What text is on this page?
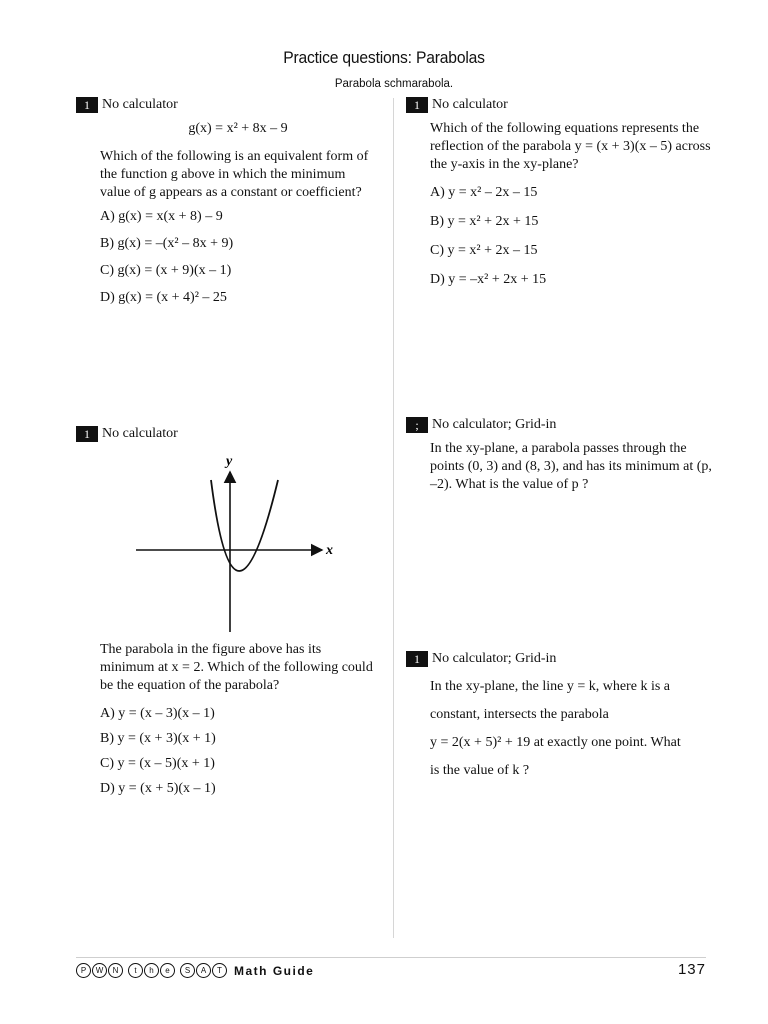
Practice questions: Parabolas
Parabola schmarabola.
1 No calculator
g(x) = x² + 8x – 9

Which of the following is an equivalent form of the function g above in which the minimum value of g appears as a constant or coefficient?

A) g(x) = x(x + 8) – 9
B) g(x) = –(x² – 8x + 9)
C) g(x) = (x + 9)(x – 1)
D) g(x) = (x + 4)² – 25
1 No calculator

Which of the following equations represents the reflection of the parabola y = (x + 3)(x – 5) across the y-axis in the xy-plane?

A) y = x² – 2x – 15
B) y = x² + 2x + 15
C) y = x² + 2x – 15
D) y = –x² + 2x + 15
1 No calculator
x
y

The parabola in the figure above has its minimum at x = 2. Which of the following could be the equation of the parabola?

A) y = (x – 3)(x – 1)
B) y = (x + 3)(x + 1)
C) y = (x – 5)(x + 1)
D) y = (x + 5)(x – 1)
; No calculator; Grid-in

In the xy-plane, a parabola passes through the points (0, 3) and (8, 3), and has its minimum at (p, –2). What is the value of p ?

1 No calculator; Grid-in
In the xy-plane, the line y = k, where k is a
constant, intersects the parabola
y = 2(x + 5)² + 19 at exactly one point. What
is the value of k ?
P	W	N	t	h	e	S	A	T	Math Guide	137
